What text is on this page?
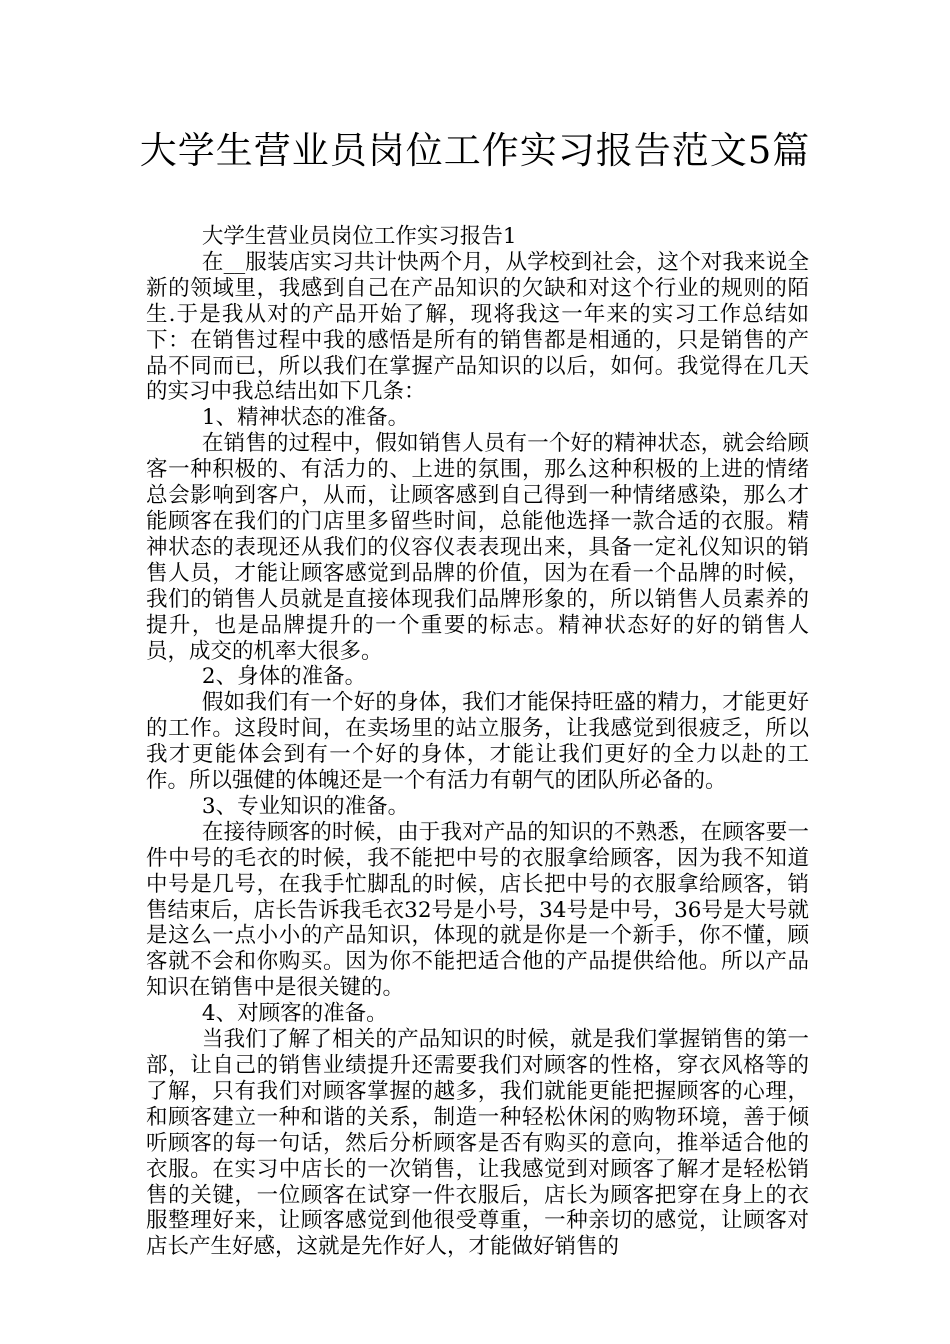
大学生营业员岗位工作实习报告范文5篇

大学生营业员岗位工作实习报告1

在__服装店实习共计快两个月，从学校到社会，这个对我来说全新的领域里，我感到自己在产品知识的欠缺和对这个行业的规则的陌生.于是我从对的产品开始了解，现将我这一年来的实习工作总结如下：在销售过程中我的感悟是所有的销售都是相通的，只是销售的产品不同而已，所以我们在掌握产品知识的以后，如何。我觉得在几天的实习中我总结出如下几条：

1、精神状态的准备。

在销售的过程中，假如销售人员有一个好的精神状态，就会给顾客一种积极的、有活力的、上进的氛围，那么这种积极的上进的情绪总会影响到客户，从而，让顾客感到自己得到一种情绪感染，那么才能顾客在我们的门店里多留些时间，总能他选择一款合适的衣服。精神状态的表现还从我们的仪容仪表表现出来，具备一定礼仪知识的销售人员，才能让顾客感觉到品牌的价值，因为在看一个品牌的时候，我们的销售人员就是直接体现我们品牌形象的，所以销售人员素养的提升，也是品牌提升的一个重要的标志。精神状态好的好的销售人员，成交的机率大很多。

2、身体的准备。

假如我们有一个好的身体，我们才能保持旺盛的精力，才能更好的工作。这段时间，在卖场里的站立服务，让我感觉到很疲乏，所以我才更能体会到有一个好的身体，才能让我们更好的全力以赴的工作。所以强健的体魄还是一个有活力有朝气的团队所必备的。

3、专业知识的准备。

在接待顾客的时候，由于我对产品的知识的不熟悉，在顾客要一件中号的毛衣的时候，我不能把中号的衣服拿给顾客，因为我不知道中号是几号，在我手忙脚乱的时候，店长把中号的衣服拿给顾客，销售结束后，店长告诉我毛衣32号是小号，34号是中号，36号是大号就是这么一点小小的产品知识，体现的就是你是一个新手，你不懂，顾客就不会和你购买。因为你不能把适合他的产品提供给他。所以产品知识在销售中是很关键的。

4、对顾客的准备。

当我们了解了相关的产品知识的时候，就是我们掌握销售的第一部，让自己的销售业绩提升还需要我们对顾客的性格，穿衣风格等的了解，只有我们对顾客掌握的越多，我们就能更能把握顾客的心理，和顾客建立一种和谐的关系，制造一种轻松休闲的购物环境，善于倾听顾客的每一句话，然后分析顾客是否有购买的意向，推举适合他的衣服。在实习中店长的一次销售，让我感觉到对顾客了解才是轻松销售的关键，一位顾客在试穿一件衣服后，店长为顾客把穿在身上的衣服整理好来，让顾客感觉到他很受尊重，一种亲切的感觉，让顾客对店长产生好感，这就是先作好人，才能做好销售的
